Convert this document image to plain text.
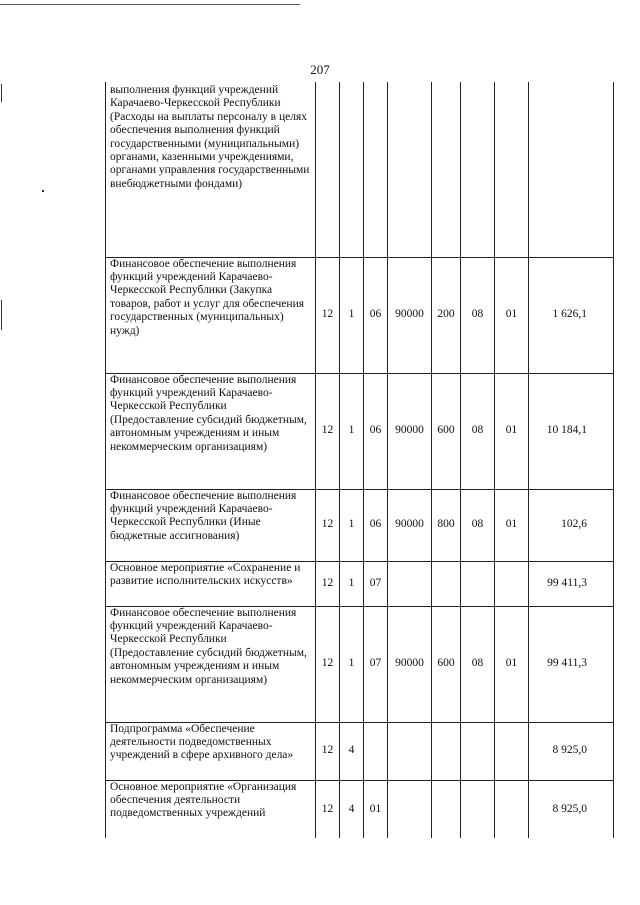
207
выполнения функций учреждений Карачаево-Черкесской Республики (Расходы на выплаты персоналу в целях обеспечения выполнения функций государственными (муниципальными) органами, казенными учреждениями, органами управления государственными внебюджетными фондами)								
Финансовое обеспечение выполнения функций учреждений Карачаево-Черкесской Республики (Закупка товаров, работ и услуг для обеспечения государственных (муниципальных) нужд)	12	1	06	90000	200	08	01	1 626,1
Финансовое обеспечение выполнения функций учреждений Карачаево-Черкесской Республики (Предоставление субсидий бюджетным, автономным учреждениям и иным некоммерческим организациям)	12	1	06	90000	600	08	01	10 184,1
Финансовое обеспечение выполнения функций учреждений Карачаево-Черкесской Республики (Иные бюджетные ассигнования)	12	1	06	90000	800	08	01	102,6
Основное мероприятие «Сохранение и развитие исполнительских искусств»	12	1	07					99 411,3
Финансовое обеспечение выполнения функций учреждений Карачаево-Черкесской Республики (Предоставление субсидий бюджетным, автономным учреждениям и иным некоммерческим организациям)	12	1	07	90000	600	08	01	99 411,3
Подпрограмма «Обеспечение деятельности подведомственных учреждений в сфере архивного дела»	12	4						8 925,0
Основное мероприятие «Организация обеспечения деятельности подведомственных учреждений	12	4	01					8 925,0
